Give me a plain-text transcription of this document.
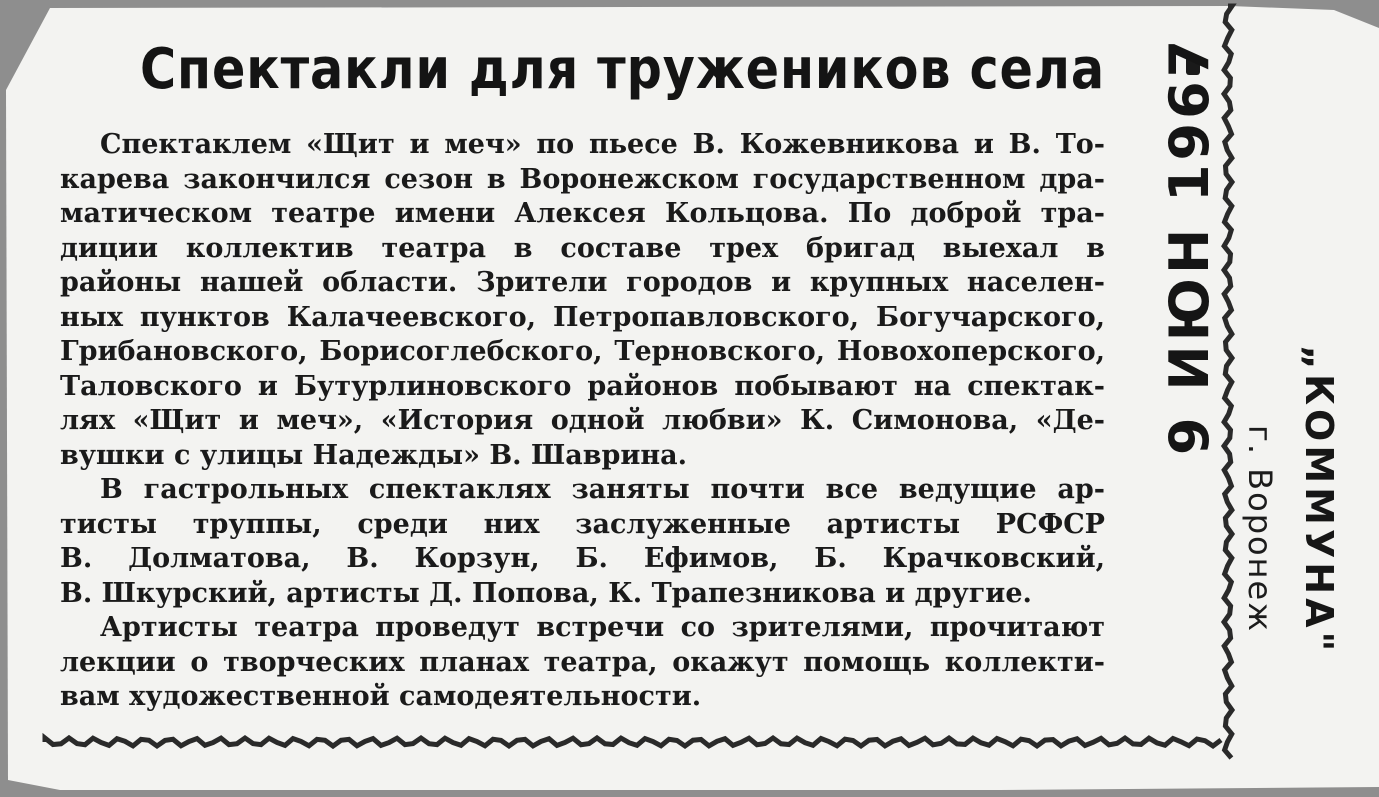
Спектакли для тружеников села
Спектаклем «Щит и меч» по пьесе В. Кожевникова и В. То-
карева закончился сезон в Воронежском государственном дра-
матическом театре имени Алексея Кольцова. По доброй тра-
диции коллектив театра в составе трех бригад выехал в
районы нашей области. Зрители городов и крупных населен-
ных пунктов Калачеевского, Петропавловского, Богучарского,
Грибановского, Борисоглебского, Терновского, Новохоперского,
Таловского и Бутурлиновского районов побывают на спектак-
лях «Щит и меч», «История одной любви» К. Симонова, «Де-
вушки с улицы Надежды» В. Шаврина.
В гастрольных спектаклях заняты почти все ведущие ар-
тисты труппы, среди них заслуженные артисты РСФСР
В. Долматова, В. Корзун, Б. Ефимов, Б. Крачковский,
В. Шкурский, артисты Д. Попова, К. Трапезникова и другие.
Артисты театра проведут встречи со зрителями, прочитают
лекции о творческих планах театра, окажут помощь коллекти-
вам художественной самодеятельности.
9 ИЮН 1967
г. Воронеж „КОММУНА"
